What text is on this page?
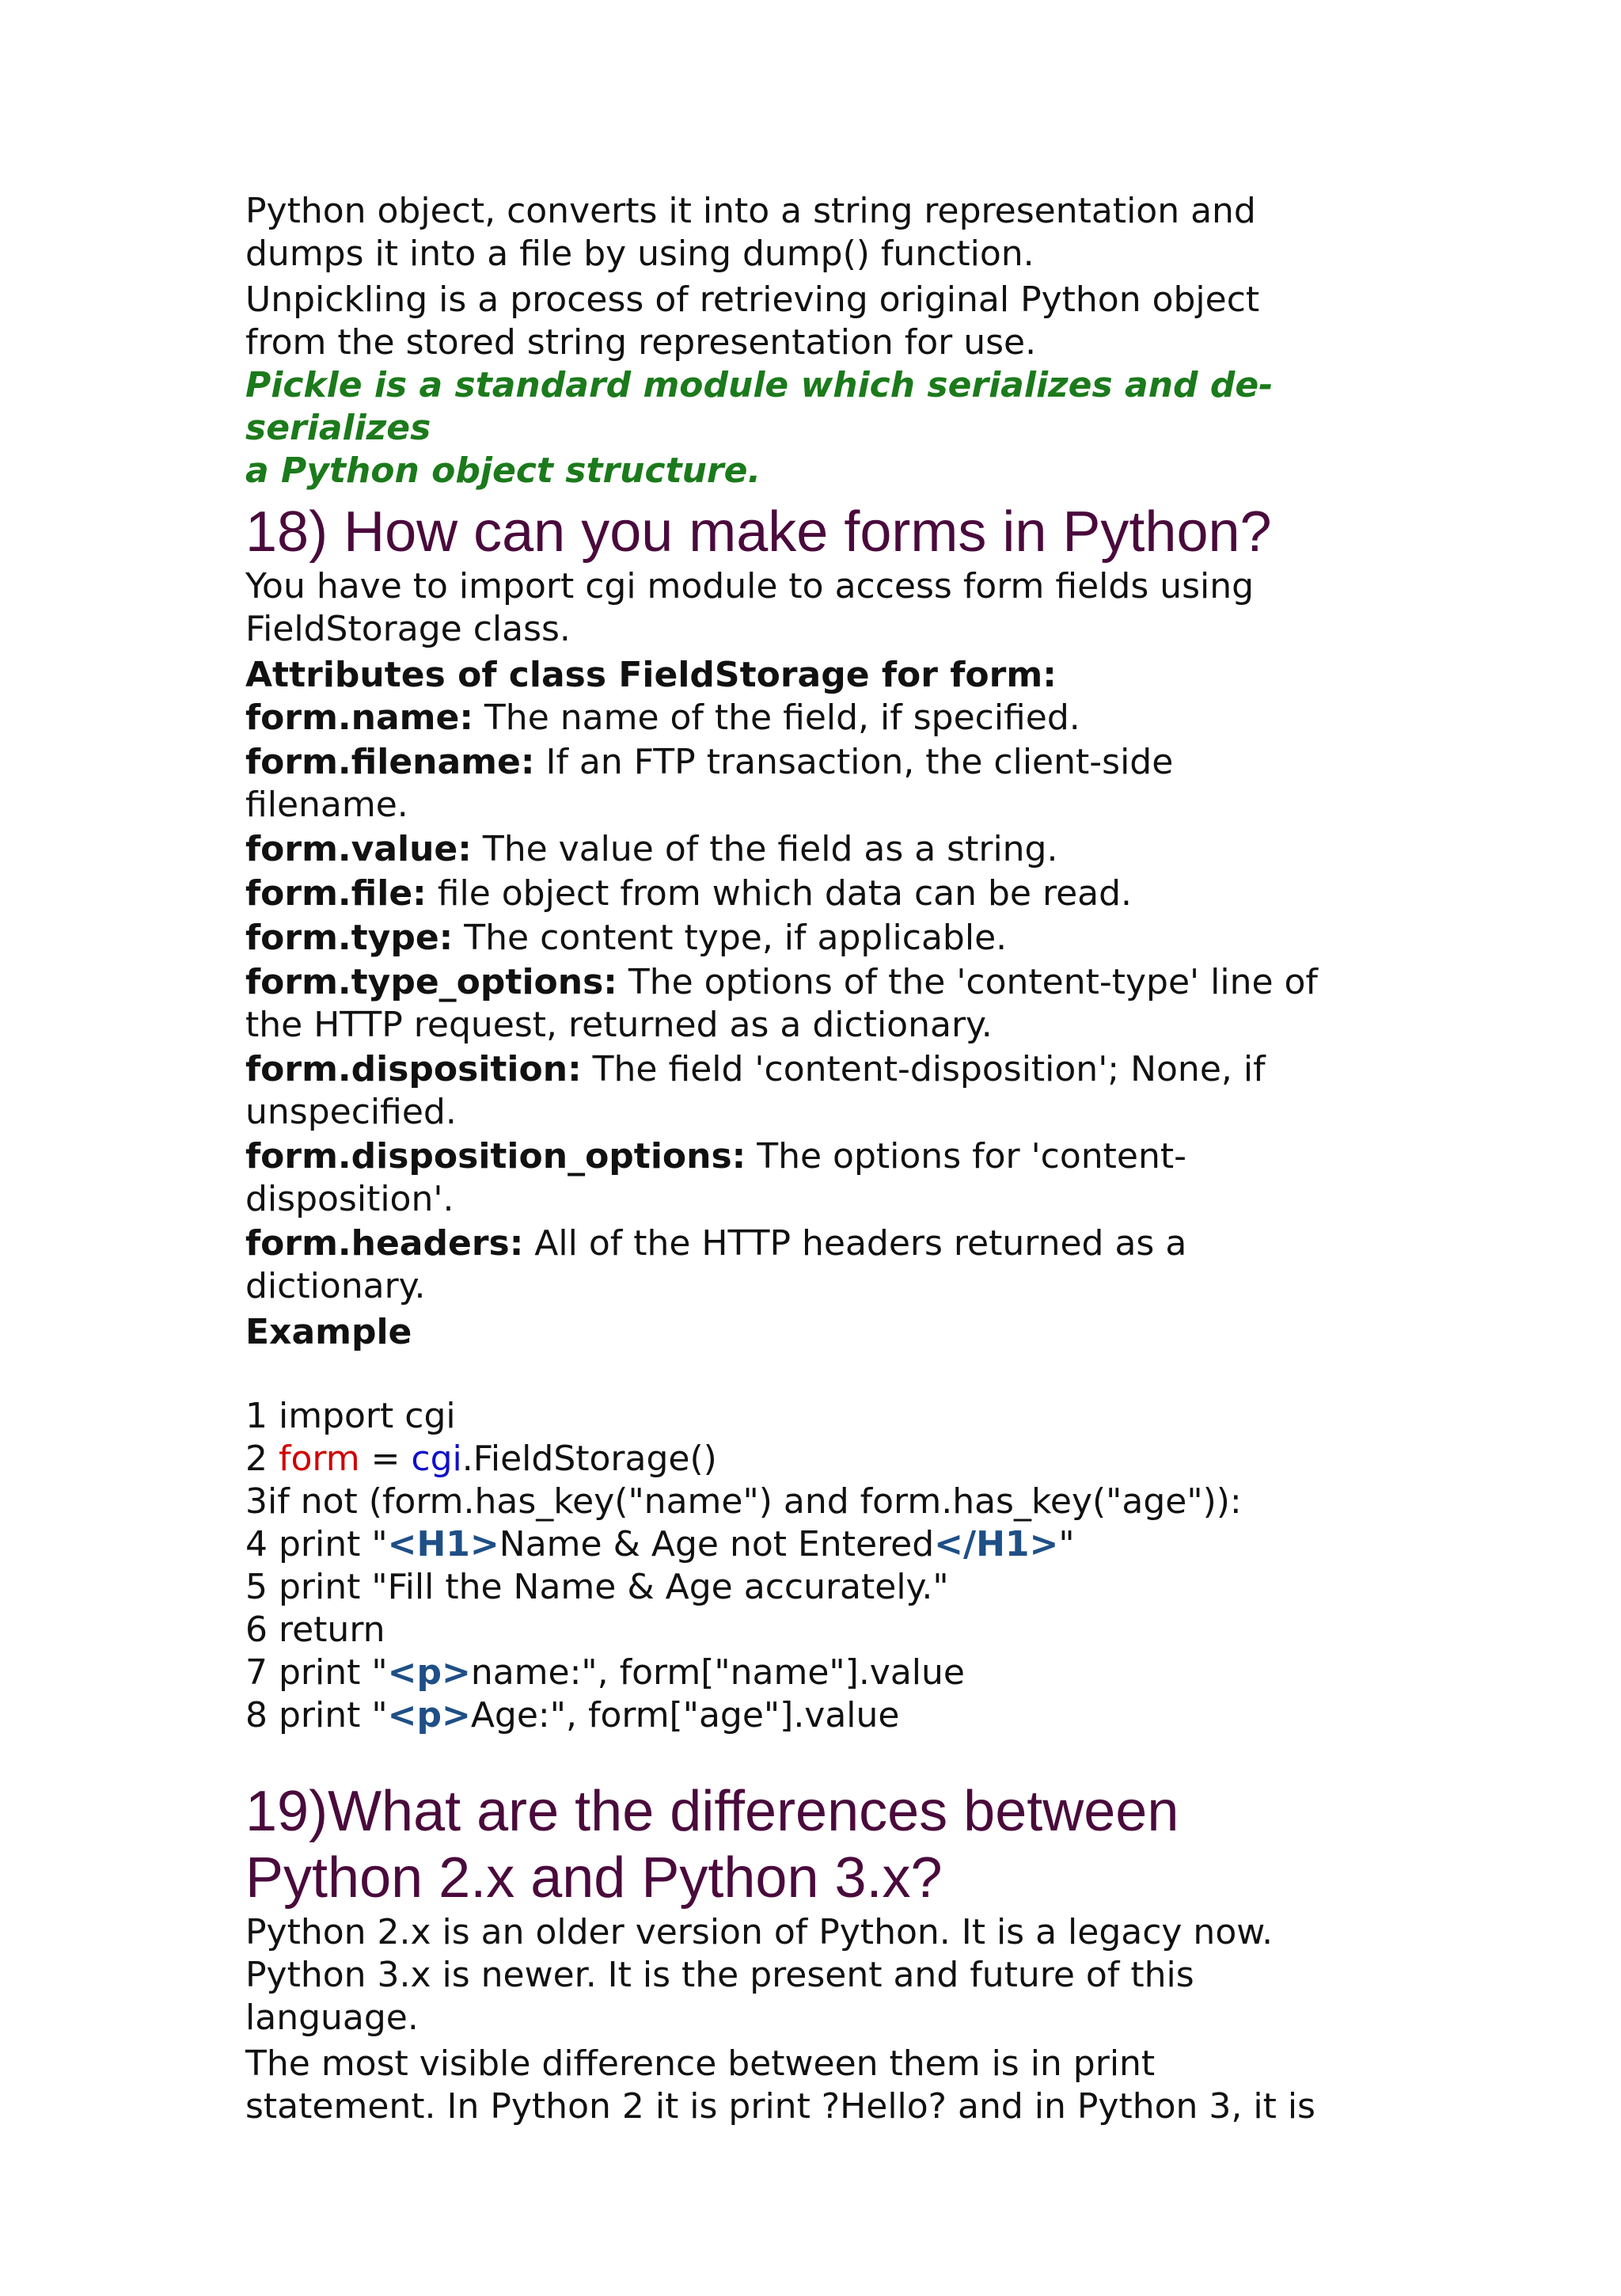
Python object, converts it into a string representation and

dumps it into a file by using dump() function.

Unpickling is a process of retrieving original Python object

from the stored string representation for use.

Pickle is a standard module which serializes and de-serializes

a Python object structure.

18) How can you make forms in Python?

You have to import cgi module to access form fields using

FieldStorage class.

Attributes of class FieldStorage for form:

form.name: The name of the field, if specified.

form.filename: If an FTP transaction, the client-side
filename.

form.value: The value of the field as a string.

form.file: file object from which data can be read.

form.type: The content type, if applicable.

form.type_options: The options of the 'content-type' line of
the HTTP request, returned as a dictionary.

form.disposition: The field 'content-disposition'; None, if
unspecified.

form.disposition_options: The options for 'content-
disposition'.

form.headers: All of the HTTP headers returned as a
dictionary.

Example

1 import cgi

2 form = cgi.FieldStorage()

3if not (form.has_key("name") and form.has_key("age")):

4 print "<H1>Name & Age not Entered</H1>"

5 print "Fill the Name & Age accurately."

6 return

7 print "<p>name:", form["name"].value

8 print "<p>Age:", form["age"].value

19)What are the differences between
Python 2.x and Python 3.x?

Python 2.x is an older version of Python. It is a legacy now.

Python 3.x is newer. It is the present and future of this

language.

The most visible difference between them is in print

statement. In Python 2 it is print ?Hello? and in Python 3, it is
